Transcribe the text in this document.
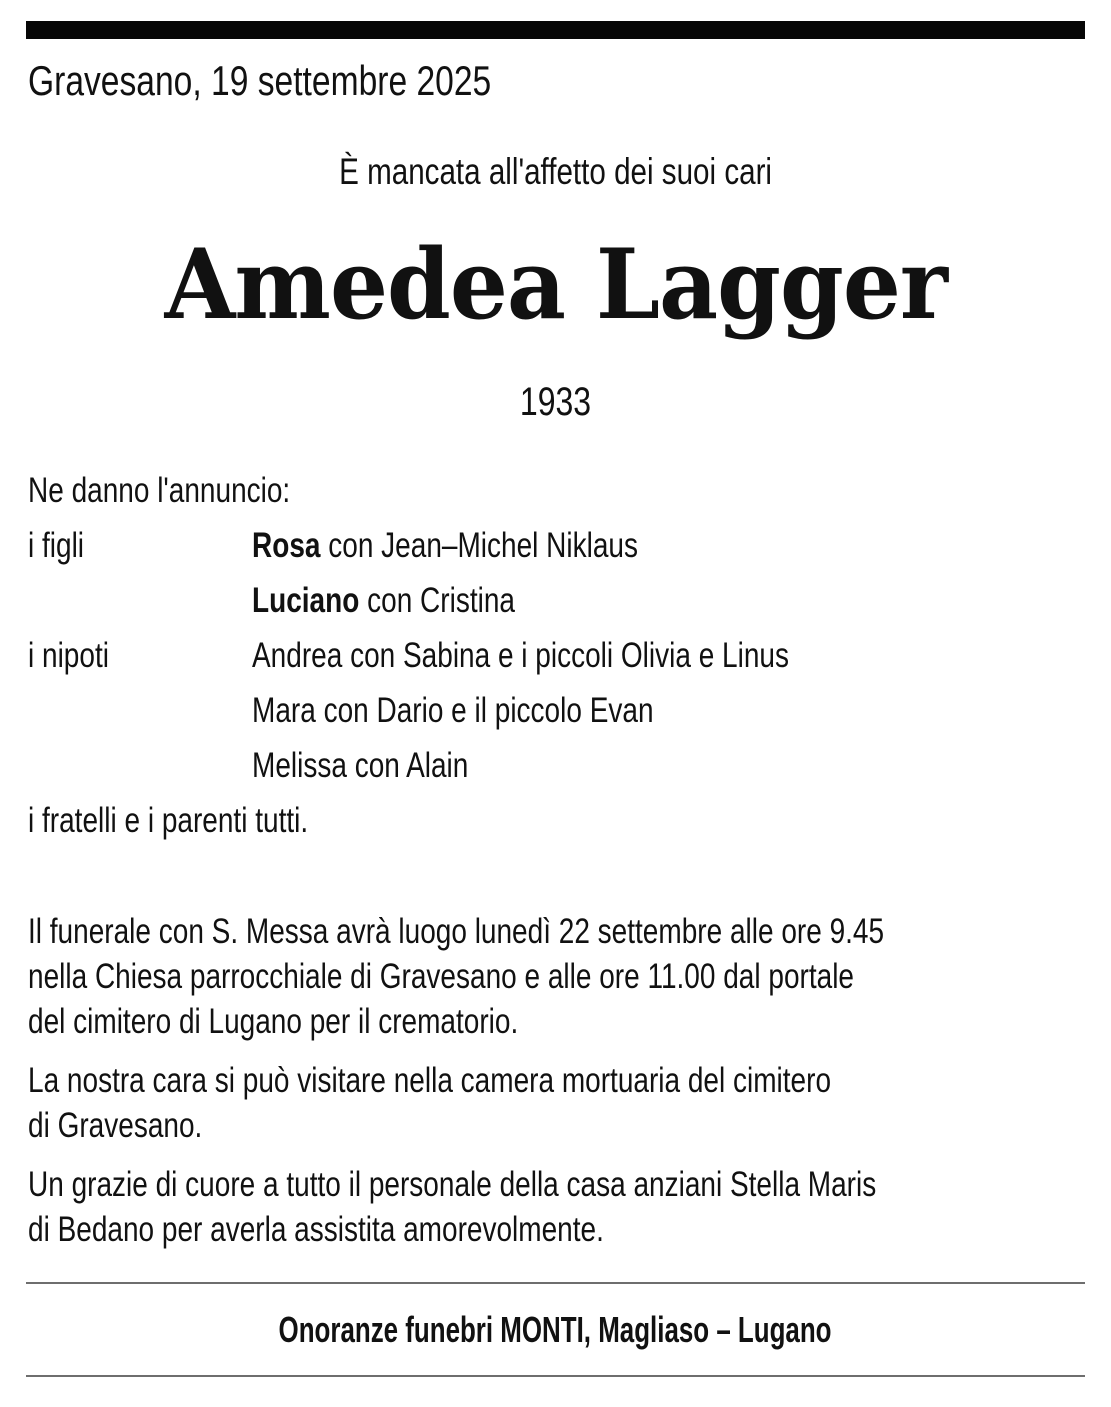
Gravesano, 19 settembre 2025
È mancata all'affetto dei suoi cari
Amedea Lagger
1933
Ne danno l'annuncio:
i figli	Rosa con Jean–Michel Niklaus
Luciano con Cristina
i nipoti	Andrea con Sabina e i piccoli Olivia e Linus
Mara con Dario e il piccolo Evan
Melissa con Alain
i fratelli e i parenti tutti.
Il funerale con S. Messa avrà luogo lunedì 22 settembre alle ore 9.45
nella Chiesa parrocchiale di Gravesano e alle ore 11.00 dal portale
del cimitero di Lugano per il crematorio.
La nostra cara si può visitare nella camera mortuaria del cimitero
di Gravesano.
Un grazie di cuore a tutto il personale della casa anziani Stella Maris
di Bedano per averla assistita amorevolmente.
Onoranze funebri MONTI, Magliaso – Lugano
